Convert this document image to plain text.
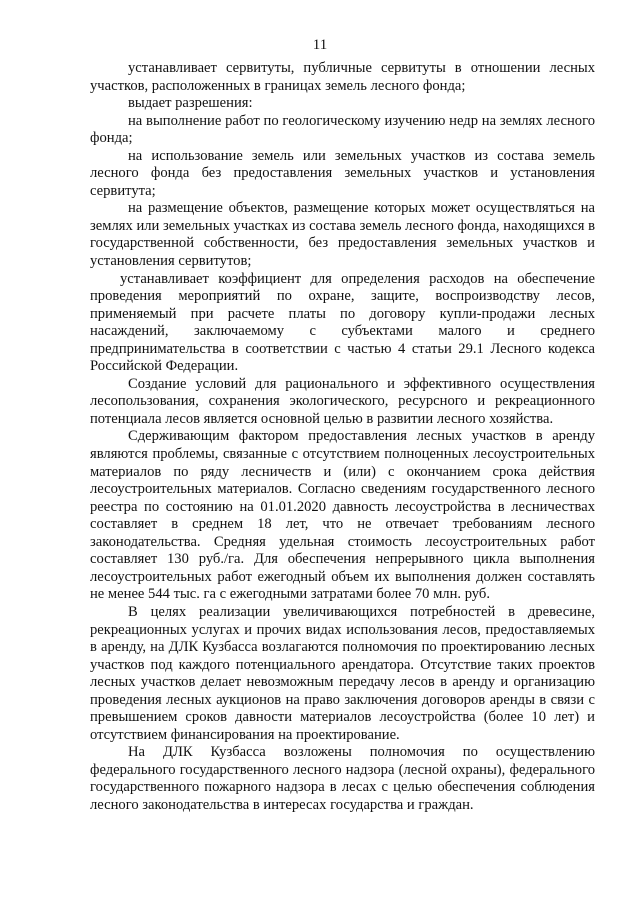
11

устанавливает сервитуты, публичные сервитуты в отношении лесных участков, расположенных в границах земель лесного фонда;

выдает разрешения:

на выполнение работ по геологическому изучению недр на землях лесного фонда;

на использование земель или земельных участков из состава земель лесного фонда без предоставления земельных участков и установления сервитута;

на размещение объектов, размещение которых может осуществляться на землях или земельных участках из состава земель лесного фонда, находящихся в государственной собственности, без предоставления земельных участков и установления сервитутов;

устанавливает коэффициент для определения расходов на обеспечение проведения мероприятий по охране, защите, воспроизводству лесов, применяемый при расчете платы по договору купли-продажи лесных насаждений, заключаемому с субъектами малого и среднего предпринимательства в соответствии с частью 4 статьи 29.1 Лесного кодекса Российской Федерации.

Создание условий для рационального и эффективного осуществления лесопользования, сохранения экологического, ресурсного и рекреационного потенциала лесов является основной целью в развитии лесного хозяйства.

Сдерживающим фактором предоставления лесных участков в аренду являются проблемы, связанные с отсутствием полноценных лесоустроительных материалов по ряду лесничеств и (или) с окончанием срока действия лесоустроительных материалов. Согласно сведениям государственного лесного реестра по состоянию на 01.01.2020 давность лесоустройства в лесничествах составляет в среднем 18 лет, что не отвечает требованиям лесного законодательства. Средняя удельная стоимость лесоустроительных работ составляет 130 руб./га. Для обеспечения непрерывного цикла выполнения лесоустроительных работ ежегодный объем их выполнения должен составлять не менее 544 тыс. га с ежегодными затратами более 70 млн. руб.

В целях реализации увеличивающихся потребностей в древесине, рекреационных услугах и прочих видах использования лесов, предоставляемых в аренду, на ДЛК Кузбасса возлагаются полномочия по проектированию лесных участков под каждого потенциального арендатора. Отсутствие таких проектов лесных участков делает невозможным передачу лесов в аренду и организацию проведения лесных аукционов на право заключения договоров аренды в связи с превышением сроков давности материалов лесоустройства (более 10 лет) и отсутствием финансирования на проектирование.

На ДЛК Кузбасса возложены полномочия по осуществлению федерального государственного лесного надзора (лесной охраны), федерального государственного пожарного надзора в лесах с целью обеспечения соблюдения лесного законодательства в интересах государства и граждан.
